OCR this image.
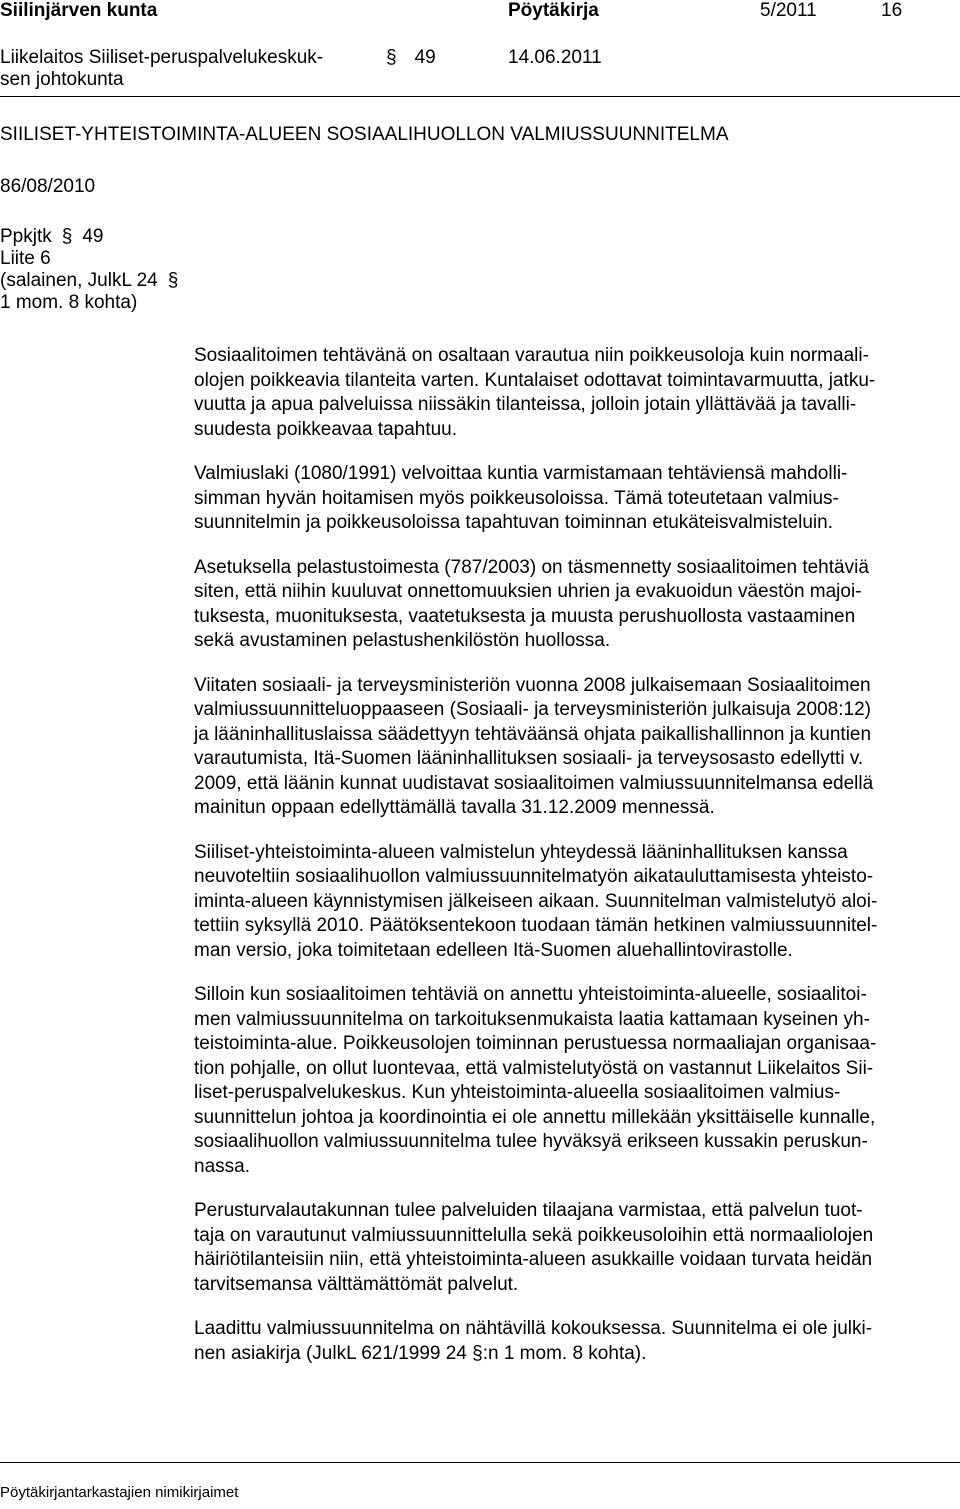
Siilinjärven kunta	Pöytäkirja	5/2011	16
Liikelaitos Siiliset-peruspalvelukeskuk-
sen johtokunta
§ 49	14.06.2011
SIILISET-YHTEISTOIMINTA-ALUEEN SOSIAALIHUOLLON VALMIUSSUUNNITELMA
86/08/2010
Ppkjtk § 49
Liite 6
(salainen, JulkL 24 §
1 mom. 8 kohta)
Sosiaalitoimen tehtävänä on osaltaan varautua niin poikkeusoloja kuin normaali-
olojen poikkeavia tilanteita varten. Kuntalaiset odottavat toimintavarmuutta, jatku-
vuutta ja apua palveluissa niissäkin tilanteissa, jolloin jotain yllättävää ja tavalli-
suudesta poikkeavaa tapahtuu.
Valmiuslaki (1080/1991) velvoittaa kuntia varmistamaan tehtäviensä mahdolli-
simman hyvän hoitamisen myös poikkeusoloissa. Tämä toteutetaan valmius-
suunnitelmin ja poikkeusoloissa tapahtuvan toiminnan etukäteisvalmisteluin.
Asetuksella pelastustoimesta (787/2003) on täsmennetty sosiaalitoimen tehtäviä
siten, että niihin kuuluvat onnettomuuksien uhrien ja evakuoidun väestön majoi-
tuksesta, muonituksesta, vaatetuksesta ja muusta perushuollosta vastaaminen
sekä avustaminen pelastushenkilöstön huollossa.
Viitaten sosiaali- ja terveysministeriön vuonna 2008 julkaisemaan Sosiaalitoimen
valmiussuunnitteluoppaaseen (Sosiaali- ja terveysministeriön julkaisuja 2008:12)
ja lääninhallituslaissa säädettyyn tehtäväänsä ohjata paikallishallinnon ja kuntien
varautumista, Itä-Suomen lääninhallituksen sosiaali- ja terveysosasto edellytti v.
2009, että läänin kunnat uudistavat sosiaalitoimen valmiussuunnitelmansa edellä
mainitun oppaan edellyttämällä tavalla 31.12.2009 mennessä.
Siiliset-yhteistoiminta-alueen valmistelun yhteydessä lääninhallituksen kanssa
neuvoteltiin sosiaalihuollon valmiussuunnitelmatyön aikatauluttamisesta yhteisto-
iminta-alueen käynnistymisen jälkeiseen aikaan. Suunnitelman valmistelutyö aloi-
tettiin syksyllä 2010. Päätöksentekoon tuodaan tämän hetkinen valmiussuunnitel-
man versio, joka toimitetaan edelleen Itä-Suomen aluehallintovirastolle.
Silloin kun sosiaalitoimen tehtäviä on annettu yhteistoiminta-alueelle, sosiaalitoi-
men valmiussuunnitelma on tarkoituksenmukaista laatia kattamaan kyseinen yh-
teistoiminta-alue. Poikkeusolojen toiminnan perustuessa normaaliajan organisaa-
tion pohjalle, on ollut luontevaa, että valmistelutyöstä on vastannut Liikelaitos Sii-
liset-peruspalvelukeskus. Kun yhteistoiminta-alueella sosiaalitoimen valmius-
suunnittelun johtoa ja koordinointia ei ole annettu millekään yksittäiselle kunnalle,
sosiaalihuollon valmiussuunnitelma tulee hyväksyä erikseen kussakin peruskun-
nassa.
Perusturvalautakunnan tulee palveluiden tilaajana varmistaa, että palvelun tuot-
taja on varautunut valmiussuunnittelulla sekä poikkeusoloihin että normaaliolojen
häiriötilanteisiin niin, että yhteistoiminta-alueen asukkaille voidaan turvata heidän
tarvitsemansa välttämättömät palvelut.
Laadittu valmiussuunnitelma on nähtävillä kokouksessa. Suunnitelma ei ole julki-
nen asiakirja (JulkL 621/1999 24 §:n 1 mom. 8 kohta).
Pöytäkirjantarkastajien nimikirjaimet
